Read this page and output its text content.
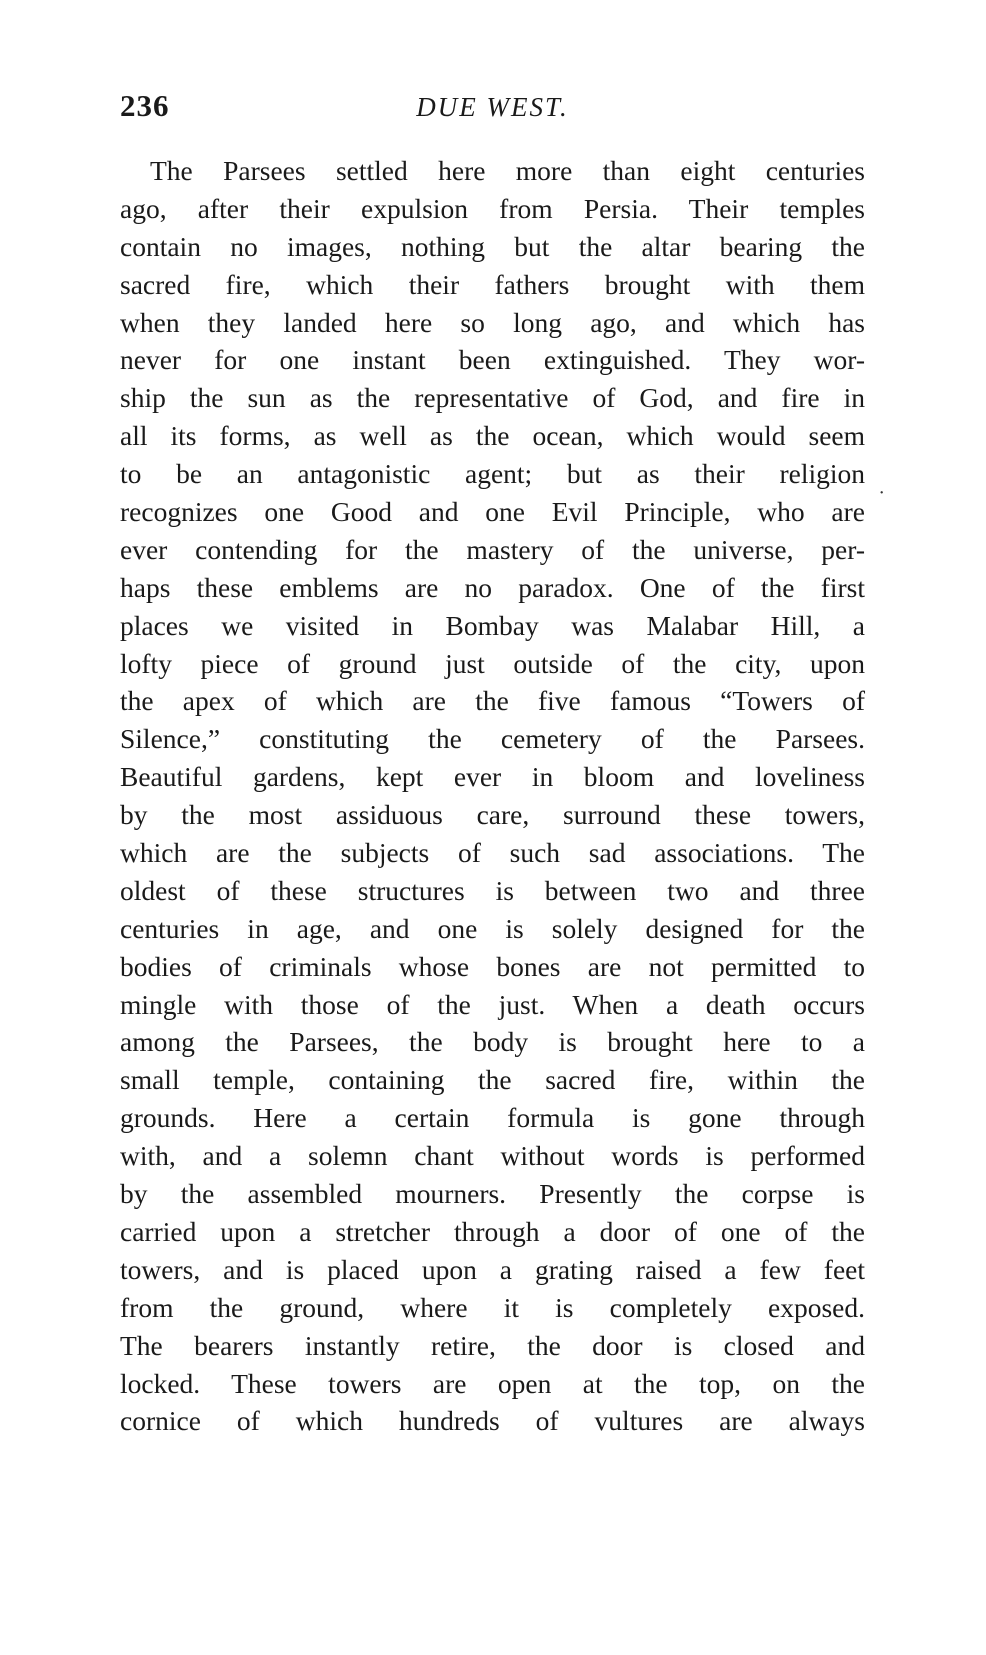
236	DUE WEST.
The Parsees settled here more than eight centuries
ago, after their expulsion from Persia. Their temples
contain no images, nothing but the altar bearing the
sacred fire, which their fathers brought with them
when they landed here so long ago, and which has
never for one instant been extinguished. They wor-
ship the sun as the representative of God, and fire in
all its forms, as well as the ocean, which would seem
to be an antagonistic agent; but as their religion
recognizes one Good and one Evil Principle, who are
ever contending for the mastery of the universe, per-
haps these emblems are no paradox. One of the first
places we visited in Bombay was Malabar Hill, a
lofty piece of ground just outside of the city, upon
the apex of which are the five famous “Towers of
Silence,” constituting the cemetery of the Parsees.
Beautiful gardens, kept ever in bloom and loveliness
by the most assiduous care, surround these towers,
which are the subjects of such sad associations. The
oldest of these structures is between two and three
centuries in age, and one is solely designed for the
bodies of criminals whose bones are not permitted to
mingle with those of the just. When a death occurs
among the Parsees, the body is brought here to a
small temple, containing the sacred fire, within the
grounds. Here a certain formula is gone through
with, and a solemn chant without words is performed
by the assembled mourners. Presently the corpse is
carried upon a stretcher through a door of one of the
towers, and is placed upon a grating raised a few feet
from the ground, where it is completely exposed.
The bearers instantly retire, the door is closed and
locked. These towers are open at the top, on the
cornice of which hundreds of vultures are always
˙
